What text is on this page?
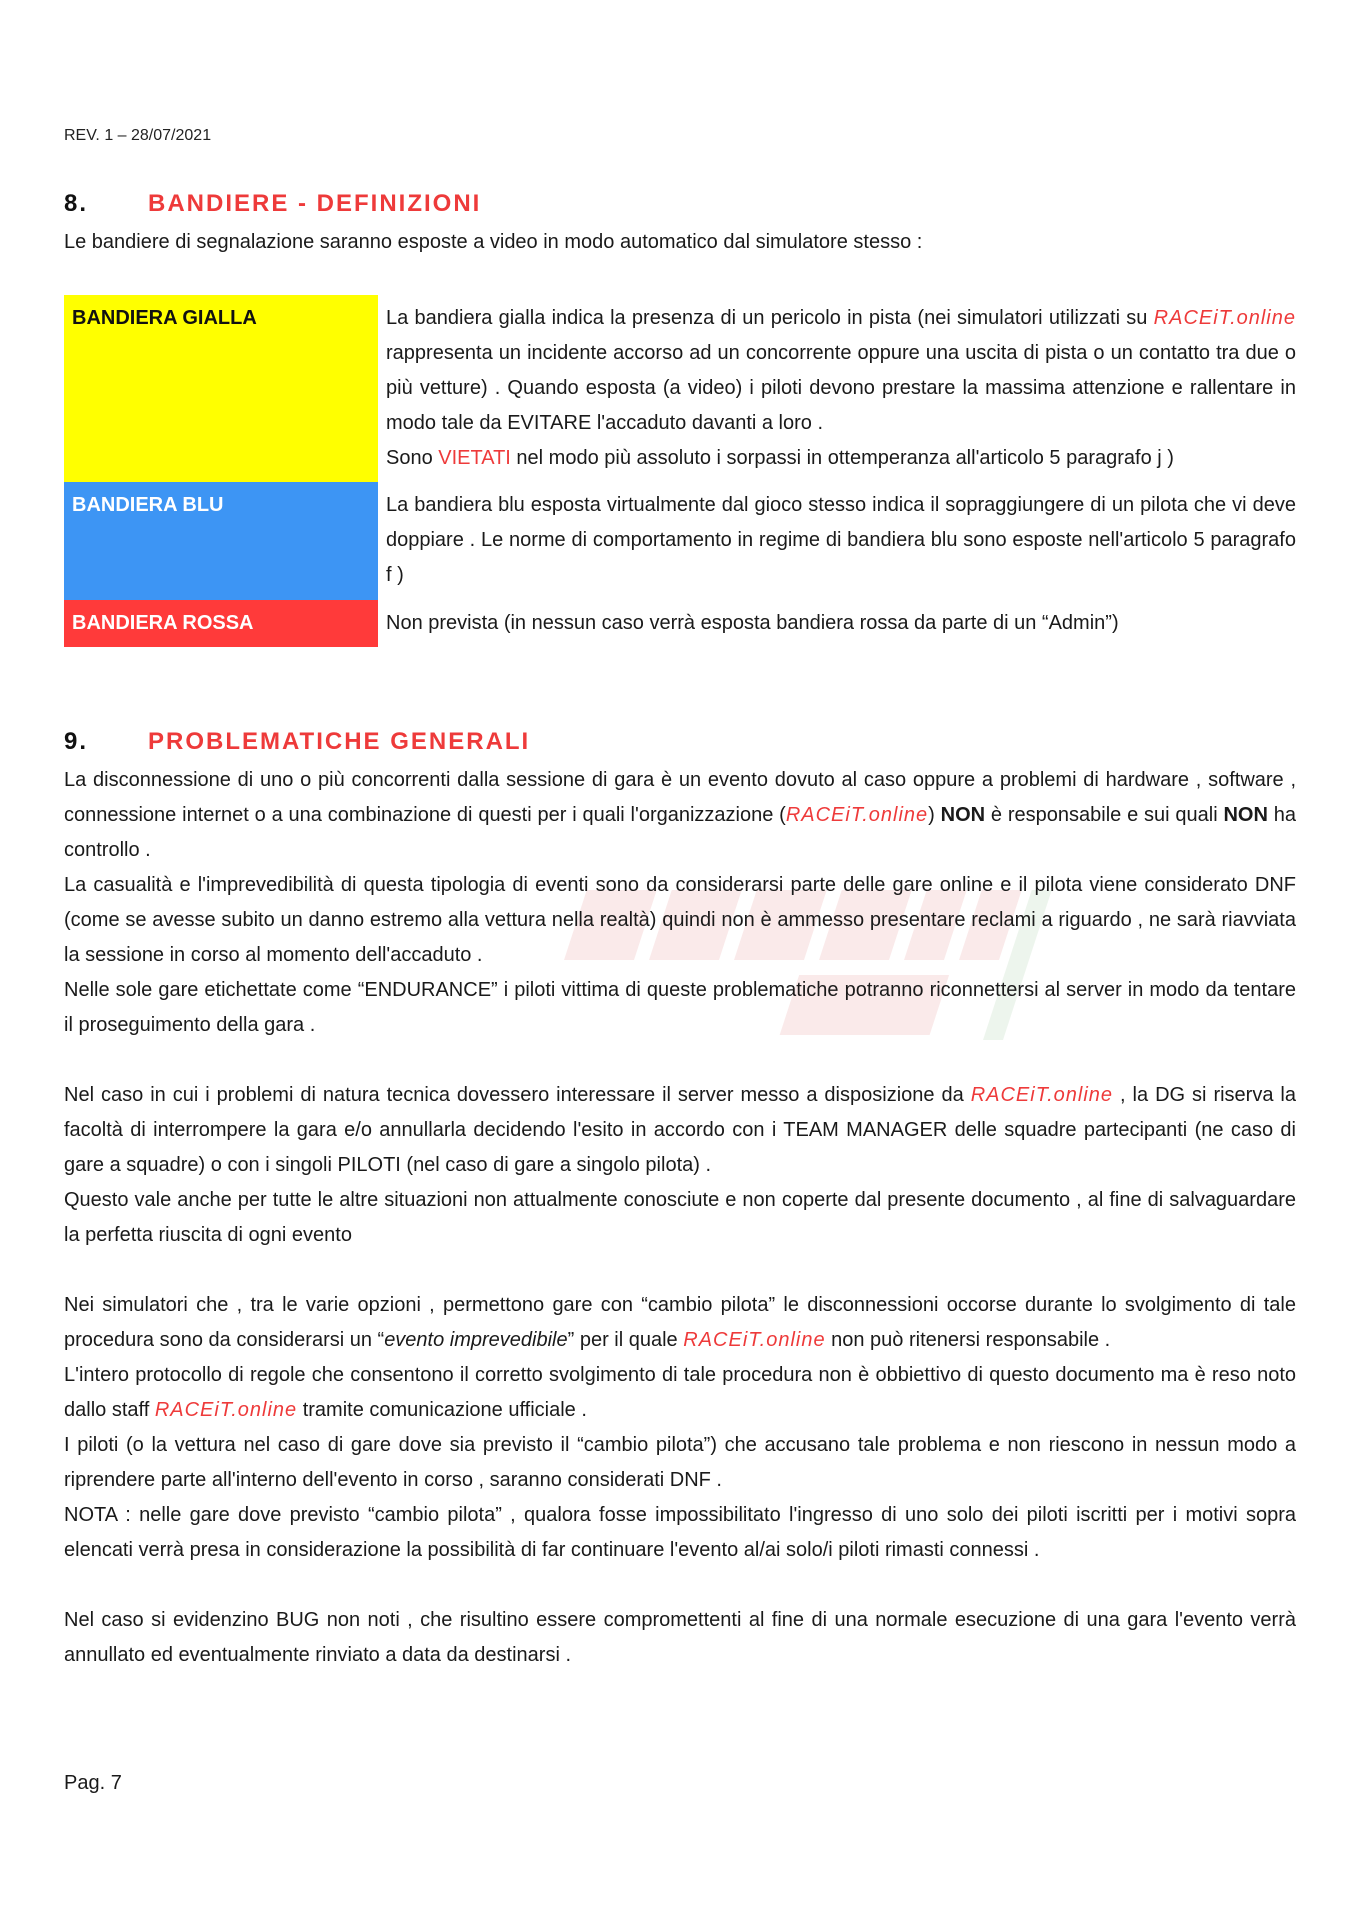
REV. 1 – 28/07/2021
8. BANDIERE - DEFINIZIONI
Le bandiere di segnalazione saranno esposte a video in modo automatico dal simulatore stesso :
BANDIERA GIALLA	La bandiera gialla indica la presenza di un pericolo in pista (nei simulatori utilizzati su RACEiT.online rappresenta un incidente accorso ad un concorrente oppure una uscita di pista o un contatto tra due o più vetture) . Quando esposta (a video) i piloti devono prestare la massima attenzione e rallentare in modo tale da EVITARE l'accaduto davanti a loro .
Sono VIETATI nel modo più assoluto i sorpassi in ottemperanza all'articolo 5 paragrafo j )
BANDIERA BLU	La bandiera blu esposta virtualmente dal gioco stesso indica il sopraggiungere di un pilota che vi deve doppiare . Le norme di comportamento in regime di bandiera blu sono esposte nell'articolo 5 paragrafo f )
BANDIERA ROSSA	Non prevista (in nessun caso verrà esposta bandiera rossa da parte di un “Admin”)
9. PROBLEMATICHE GENERALI
La disconnessione di uno o più concorrenti dalla sessione di gara è un evento dovuto al caso oppure a problemi di hardware , software , connessione internet o a una combinazione di questi per i quali l'organizzazione (RACEiT.online) NON è responsabile e sui quali NON ha controllo .
La casualità e l'imprevedibilità di questa tipologia di eventi sono da considerarsi parte delle gare online e il pilota viene considerato DNF (come se avesse subito un danno estremo alla vettura nella realtà) quindi non è ammesso presentare reclami a riguardo , ne sarà riavviata la sessione in corso al momento dell'accaduto .
Nelle sole gare etichettate come “ENDURANCE” i piloti vittima di queste problematiche potranno riconnettersi al server in modo da tentare il proseguimento della gara .
Nel caso in cui i problemi di natura tecnica dovessero interessare il server messo a disposizione da RACEiT.online , la DG si riserva la facoltà di interrompere la gara e/o annullarla decidendo l'esito in accordo con i TEAM MANAGER delle squadre partecipanti (ne caso di gare a squadre) o con i singoli PILOTI (nel caso di gare a singolo pilota) .
Questo vale anche per tutte le altre situazioni non attualmente conosciute e non coperte dal presente documento , al fine di salvaguardare la perfetta riuscita di ogni evento
Nei simulatori che , tra le varie opzioni , permettono gare con “cambio pilota” le disconnessioni occorse durante lo svolgimento di tale procedura sono da considerarsi un “evento imprevedibile” per il quale RACEiT.online non può ritenersi responsabile .
L'intero protocollo di regole che consentono il corretto svolgimento di tale procedura non è obbiettivo di questo documento ma è reso noto dallo staff RACEiT.online tramite comunicazione ufficiale .
I piloti (o la vettura nel caso di gare dove sia previsto il “cambio pilota”) che accusano tale problema e non riescono in nessun modo a riprendere parte all'interno dell'evento in corso , saranno considerati DNF .
NOTA : nelle gare dove previsto “cambio pilota” , qualora fosse impossibilitato l'ingresso di uno solo dei piloti iscritti per i motivi sopra elencati verrà presa in considerazione la possibilità di far continuare l'evento al/ai solo/i piloti rimasti connessi .
Nel caso si evidenzino BUG non noti , che risultino essere compromettenti al fine di una normale esecuzione di una gara l'evento verrà annullato ed eventualmente rinviato a data da destinarsi .
Pag. 7
